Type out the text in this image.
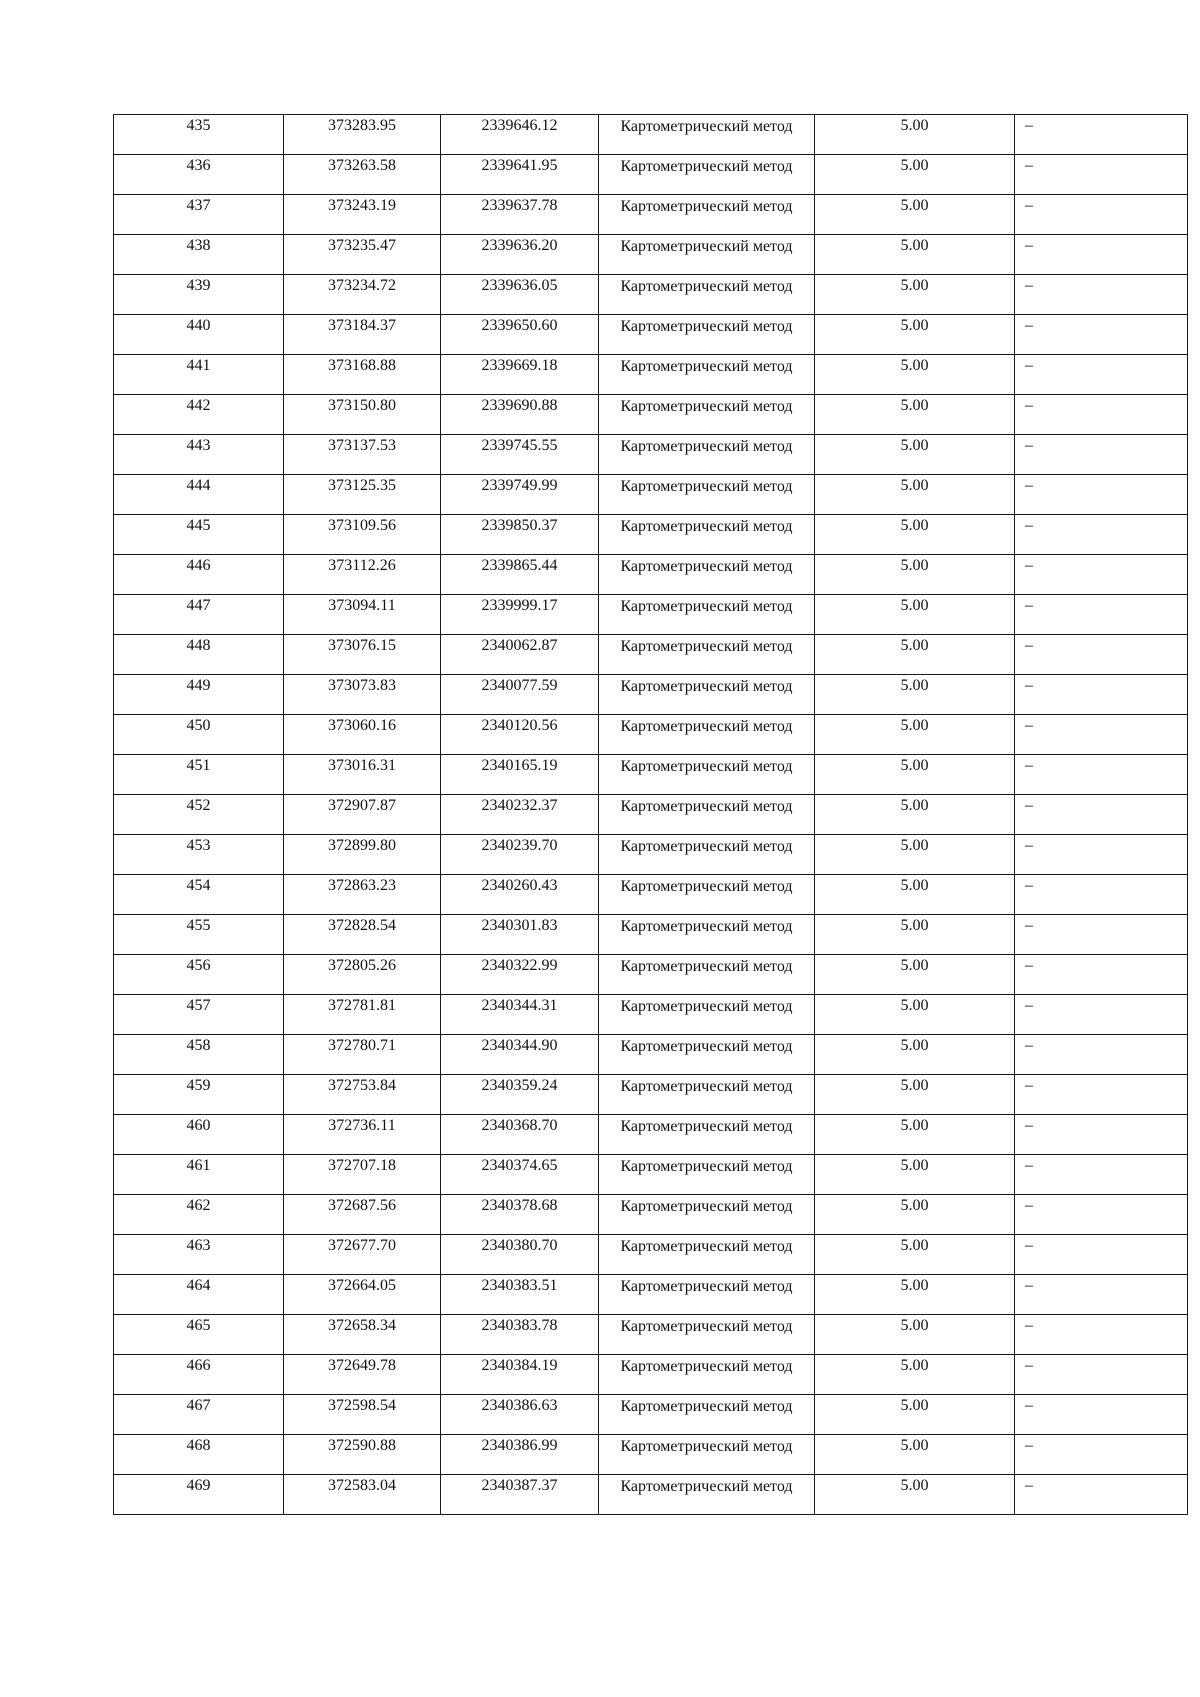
435	373283.95	2339646.12	Картометрический метод	5.00	–
436	373263.58	2339641.95	Картометрический метод	5.00	–
437	373243.19	2339637.78	Картометрический метод	5.00	–
438	373235.47	2339636.20	Картометрический метод	5.00	–
439	373234.72	2339636.05	Картометрический метод	5.00	–
440	373184.37	2339650.60	Картометрический метод	5.00	–
441	373168.88	2339669.18	Картометрический метод	5.00	–
442	373150.80	2339690.88	Картометрический метод	5.00	–
443	373137.53	2339745.55	Картометрический метод	5.00	–
444	373125.35	2339749.99	Картометрический метод	5.00	–
445	373109.56	2339850.37	Картометрический метод	5.00	–
446	373112.26	2339865.44	Картометрический метод	5.00	–
447	373094.11	2339999.17	Картометрический метод	5.00	–
448	373076.15	2340062.87	Картометрический метод	5.00	–
449	373073.83	2340077.59	Картометрический метод	5.00	–
450	373060.16	2340120.56	Картометрический метод	5.00	–
451	373016.31	2340165.19	Картометрический метод	5.00	–
452	372907.87	2340232.37	Картометрический метод	5.00	–
453	372899.80	2340239.70	Картометрический метод	5.00	–
454	372863.23	2340260.43	Картометрический метод	5.00	–
455	372828.54	2340301.83	Картометрический метод	5.00	–
456	372805.26	2340322.99	Картометрический метод	5.00	–
457	372781.81	2340344.31	Картометрический метод	5.00	–
458	372780.71	2340344.90	Картометрический метод	5.00	–
459	372753.84	2340359.24	Картометрический метод	5.00	–
460	372736.11	2340368.70	Картометрический метод	5.00	–
461	372707.18	2340374.65	Картометрический метод	5.00	–
462	372687.56	2340378.68	Картометрический метод	5.00	–
463	372677.70	2340380.70	Картометрический метод	5.00	–
464	372664.05	2340383.51	Картометрический метод	5.00	–
465	372658.34	2340383.78	Картометрический метод	5.00	–
466	372649.78	2340384.19	Картометрический метод	5.00	–
467	372598.54	2340386.63	Картометрический метод	5.00	–
468	372590.88	2340386.99	Картометрический метод	5.00	–
469	372583.04	2340387.37	Картометрический метод	5.00	–
